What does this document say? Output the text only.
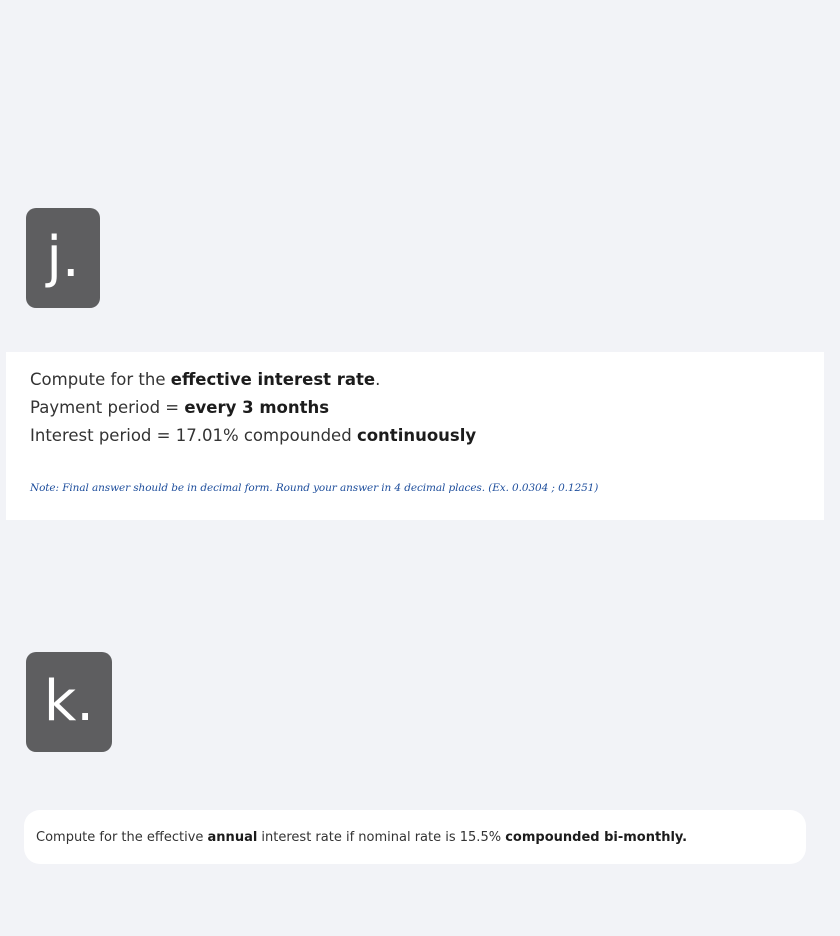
j.
Compute for the effective interest rate.
Payment period = every 3 months
Interest period = 17.01% compounded continuously
Note: Final answer should be in decimal form. Round your answer in 4 decimal places. (Ex. 0.0304 ; 0.1251)
k.
Compute for the effective annual interest rate if nominal rate is 15.5% compounded bi-monthly.
